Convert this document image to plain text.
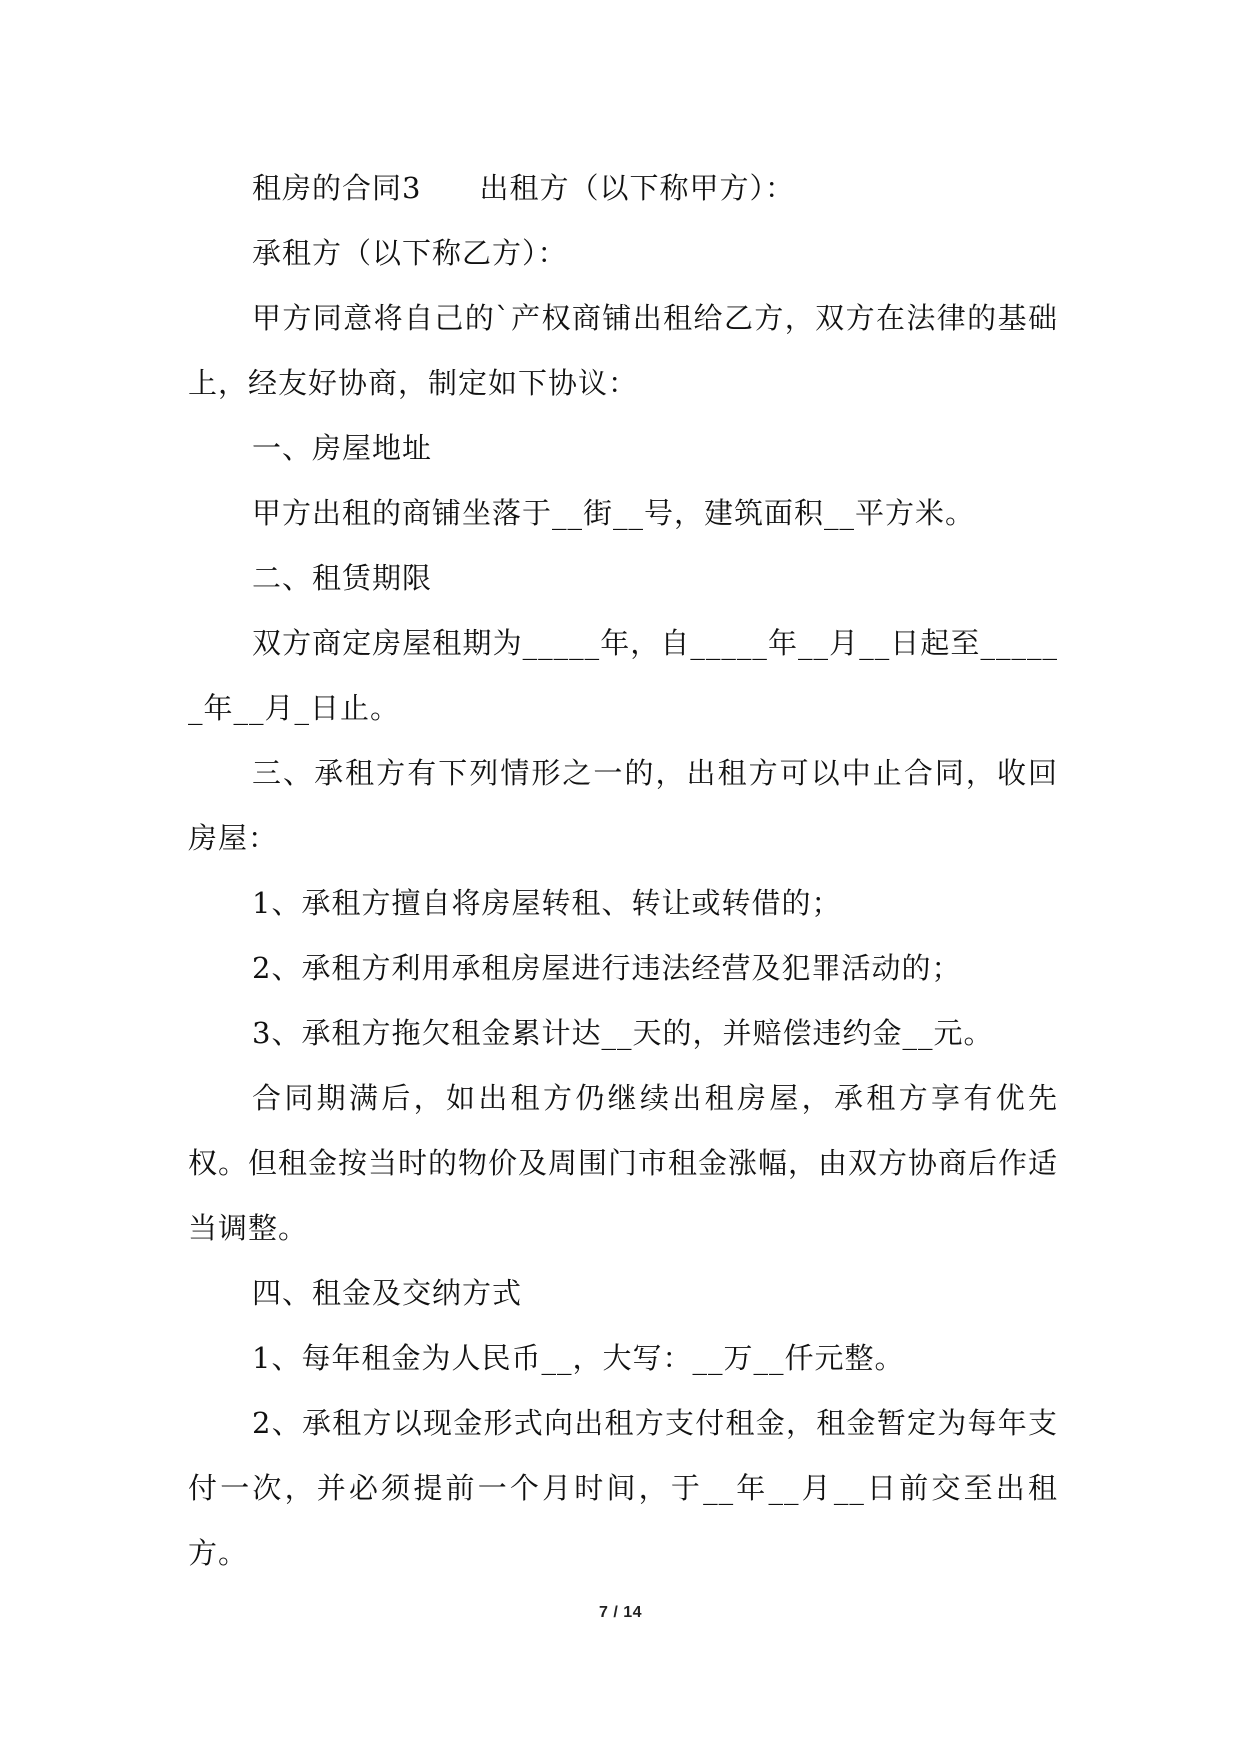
租房的合同3 出租方（以下称甲方）：

承租方（以下称乙方）：

甲方同意将自己的`产权商铺出租给乙方，双方在法律的基础上，经友好协商，制定如下协议：

一、房屋地址

甲方出租的商铺坐落于__街__号，建筑面积__平方米。

二、租赁期限

双方商定房屋租期为_____年，自_____年__月__日起至______年__月_日止。

三、承租方有下列情形之一的，出租方可以中止合同，收回房屋：

1、承租方擅自将房屋转租、转让或转借的；

2、承租方利用承租房屋进行违法经营及犯罪活动的；

3、承租方拖欠租金累计达__天的，并赔偿违约金__元。

合同期满后，如出租方仍继续出租房屋，承租方享有优先权。但租金按当时的物价及周围门市租金涨幅，由双方协商后作适当调整。

四、租金及交纳方式

1、每年租金为人民币__，大写：__万__仟元整。

2、承租方以现金形式向出租方支付租金，租金暂定为每年支付一次，并必须提前一个月时间，于__年__月__日前交至出租方。

7 / 14
